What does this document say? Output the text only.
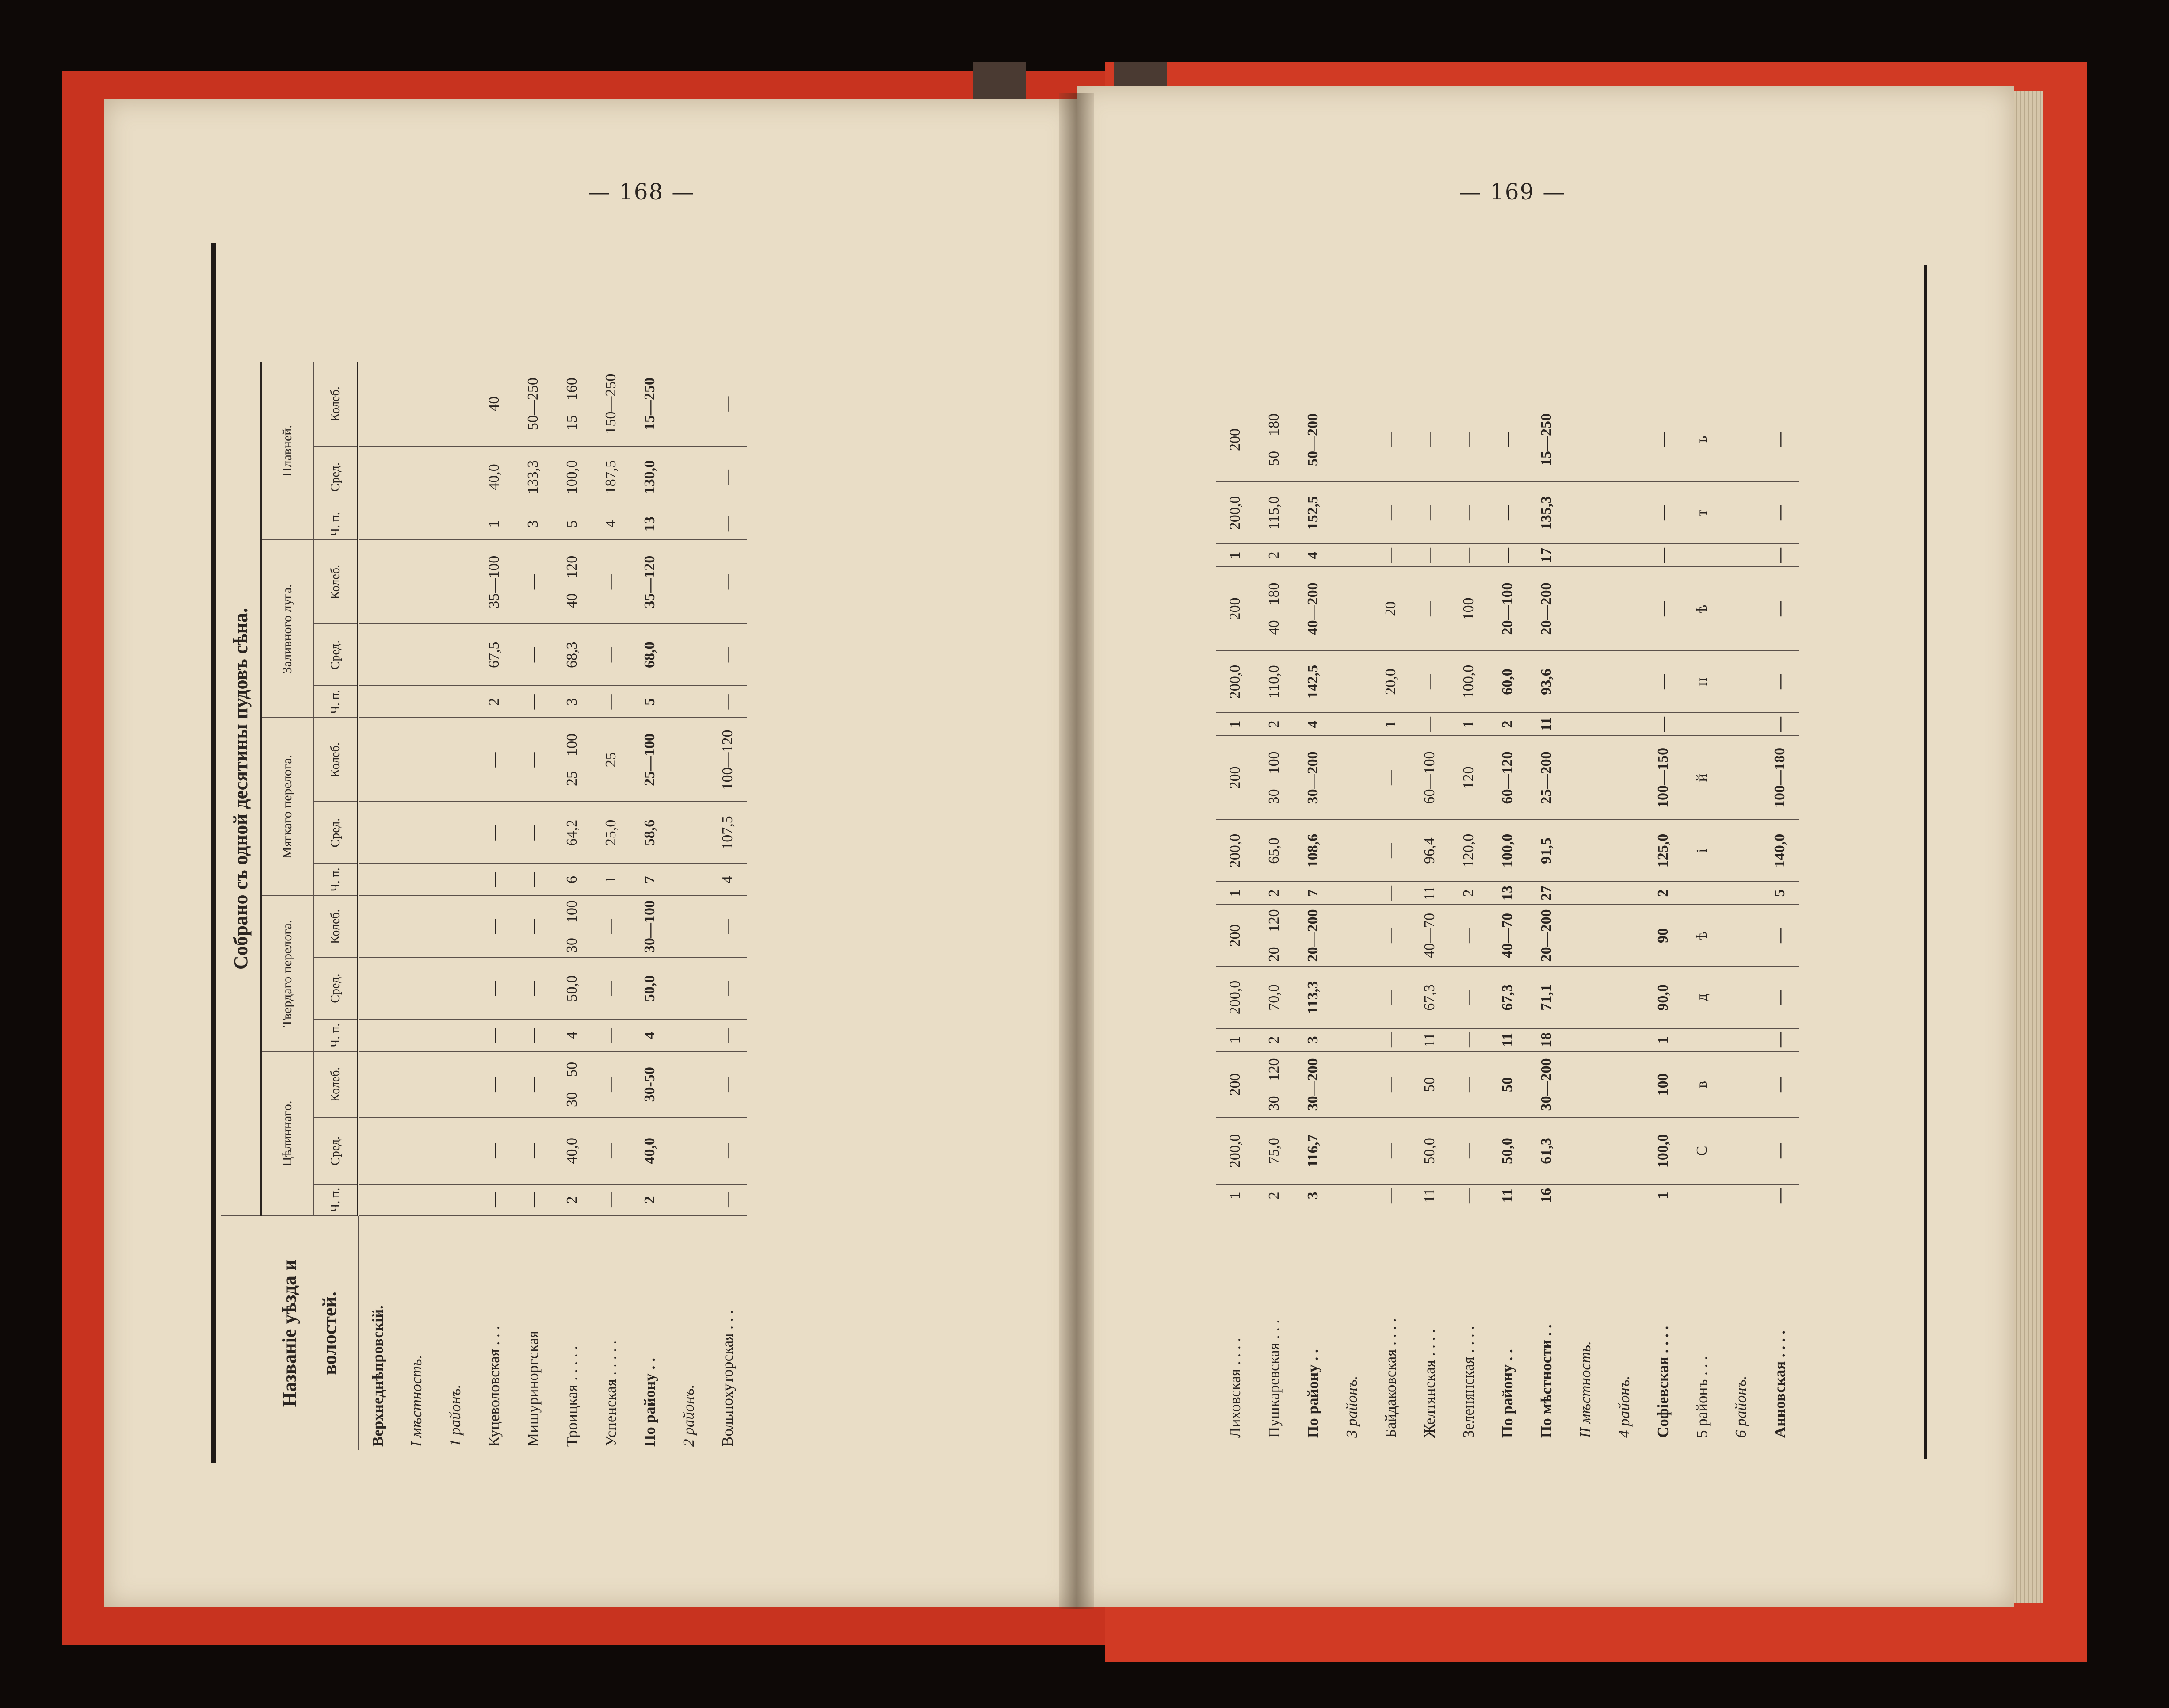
— 168 —	— 169 —
	Собрано съ одной десятины пудовъ сѣна.														

Названіе уѣзда и волостей.	Цѣлиннаго.			Твердаго перелога.			Мягкаго перелога.			Заливного луга.			Плавней.		
	Ч. п.	Сред.	Колеб.	Ч. п.	Сред.	Колеб.	Ч. п.	Сред.	Колеб.	Ч. п.	Сред.	Колеб.	Ч. п.	Сред.	Колеб.
Верхнеднѣпровскій.															
I мѣстность.															
1 районъ.															
Куцеволовская . . .	—	—	—	—	—	—	—	—	—	2	67,5	35—100	1	40,0	40
Мишуриноргская	—	—	—	—	—	—	—	—	—	—	—	—	3	133,3	50—250
Троицкая . . . . .	2	40,0	30—50	4	50,0	30—100	6	64,2	25—100	3	68,3	40—120	5	100,0	15—160
Успенская . . . . .	—	—	—	—	—	—	1	25,0	25	—	—	—	4	187,5	150—250
По району . .	2	40,0	30-50	4	50,0	30—100	7	58,6	25—100	5	68,0	35—120	13	130,0	15—250
2 районъ.															
Вольнохуторская . . .	—	—	—	—	—	—	4	107,5	100—120	—	—	—	—	—	—

Лиховская . . . .	1	200,0	200	1	200,0	200	1	200,0	200	1	200,0	200	1	200,0	200
Пушкаревская . . .	2	75,0	30—120	2	70,0	20—120	2	65,0	30—100	2	110,0	40—180	2	115,0	50—180
По району . .	3	116,7	30—200	3	113,3	20—200	7	108,6	30—200	4	142,5	40—200	4	152,5	50—200
3 районъ.															
Байдаковская . . . .	—	—	—	—	—	—	—	—	—	1	20,0	20	—	—	—
Желтянская . . . .	11	50,0	50	11	67,3	40—70	11	96,4	60—100	—	—	—	—	—	—
Зеленянская . . . .	—	—	—	—	—	—	2	120,0	120	1	100,0	100	—	—	—
По району . .	11	50,0	50	11	67,3	40—70	13	100,0	60—120	2	60,0	20—100	—	—	—
По мѣстности . .	16	61,3	30—200	18	71,1	20—200	27	91,5	25—200	11	93,6	20—200	17	135,3	15—250
II мѣстность.															
4 районъ.															
Софіевская . . . .	1	100,0	100	1	90,0	90	2	125,0	100—150	—	—	—	—	—	—
5 районъ . . .	—	С	в	—	д	ѣ	—	і	й	—	н	ѣ	—	т	ъ
6 районъ.															
Анновская . . . .	—	—	—	—	—	—	5	140,0	100—180	—	—	—	—	—	—
